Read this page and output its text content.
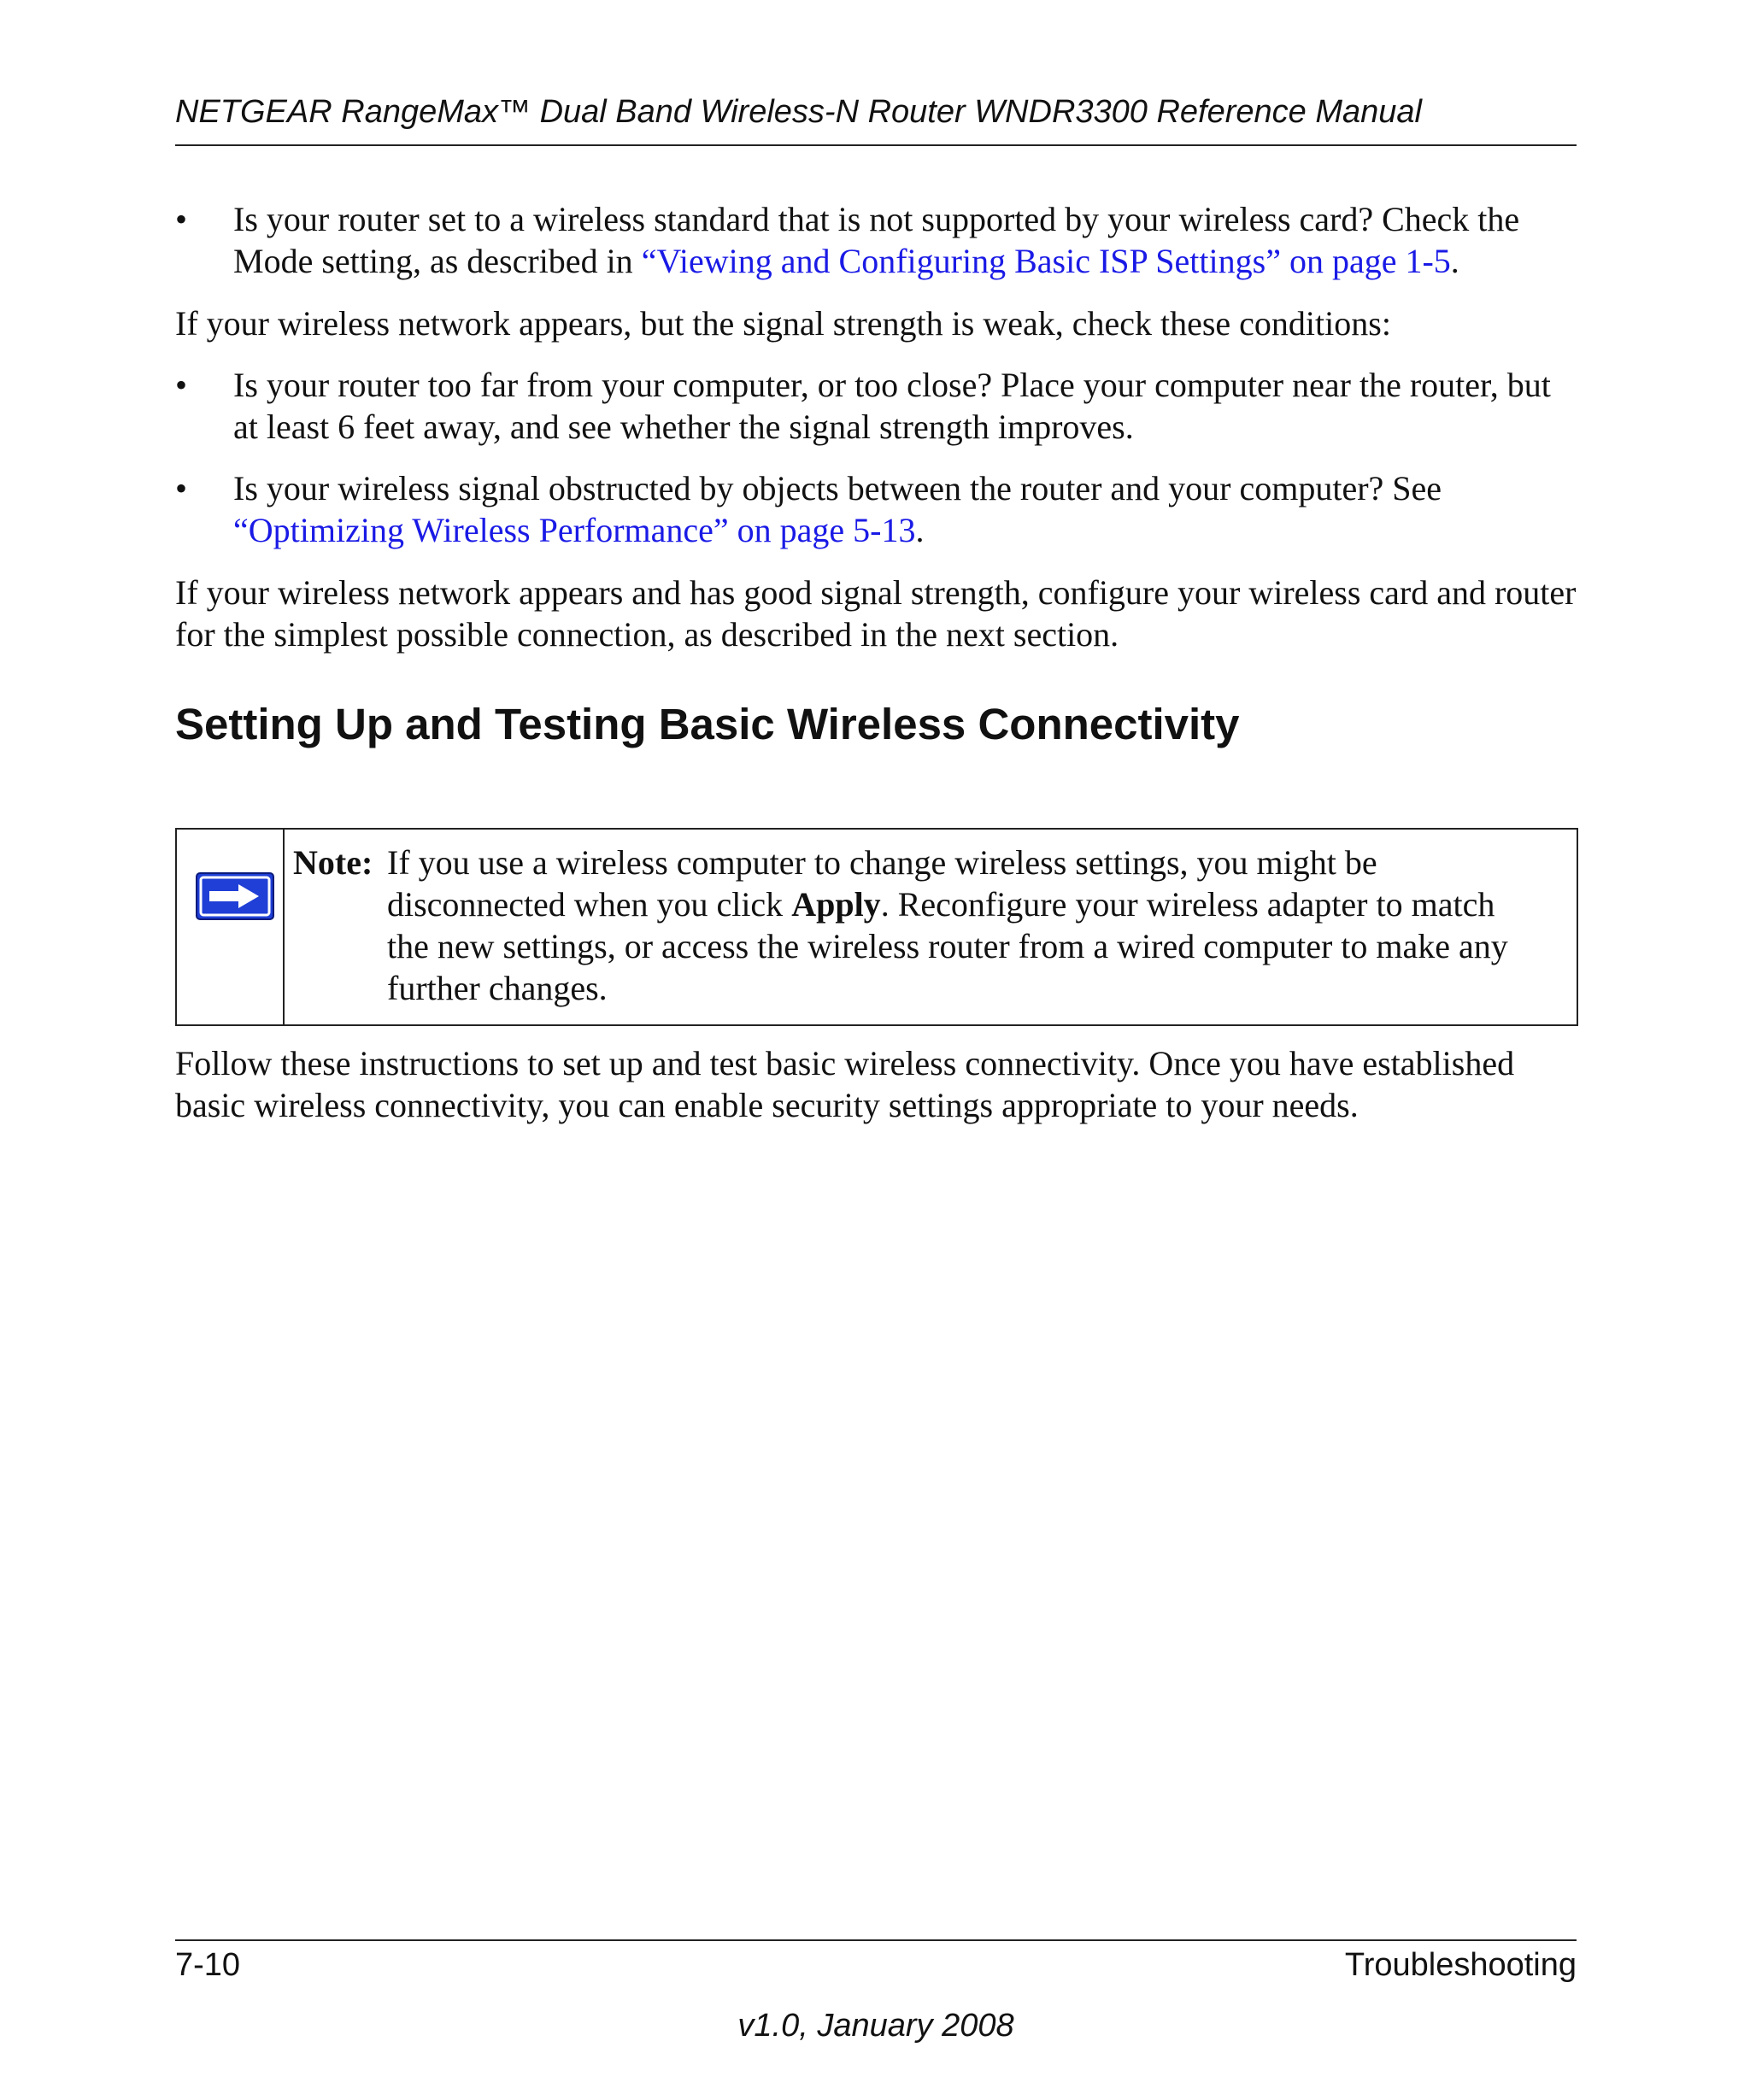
NETGEAR RangeMax™ Dual Band Wireless-N Router WNDR3300 Reference Manual
• Is your router set to a wireless standard that is not supported by your wireless card? Check the Mode setting, as described in “Viewing and Configuring Basic ISP Settings” on page 1-5.
If your wireless network appears, but the signal strength is weak, check these conditions:
• Is your router too far from your computer, or too close? Place your computer near the router, but at least 6 feet away, and see whether the signal strength improves.
• Is your wireless signal obstructed by objects between the router and your computer? See “Optimizing Wireless Performance” on page 5-13.
If your wireless network appears and has good signal strength, configure your wireless card and router for the simplest possible connection, as described in the next section.
Setting Up and Testing Basic Wireless Connectivity
Note: If you use a wireless computer to change wireless settings, you might be
disconnected when you click Apply. Reconfigure your wireless adapter to match
the new settings, or access the wireless router from a wired computer to make any
further changes.
Follow these instructions to set up and test basic wireless connectivity. Once you have established basic wireless connectivity, you can enable security settings appropriate to your needs.
7-10	Troubleshooting
v1.0, January 2008
